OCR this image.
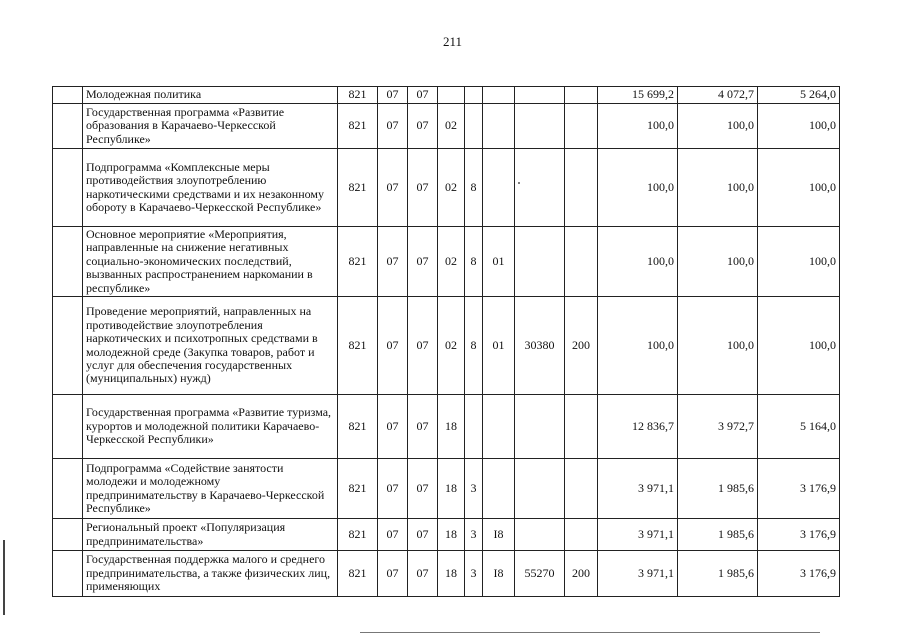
211
	Молодежная политика	821	07	07						15 699,2	4 072,7	5 264,0
	Государственная программа «Развитие образования в Карачаево-Черкесской Республике»	821	07	07	02					100,0	100,0	100,0
	Подпрограмма «Комплексные меры противодействия злоупотреблению наркотическими средствами и их незаконному обороту в Карачаево-Черкесской Республике»	821	07	07	02	8				100,0	100,0	100,0
	Основное мероприятие «Мероприятия, направленные на снижение негативных социально-экономических последствий, вызванных распространением наркомании в республике»	821	07	07	02	8	01			100,0	100,0	100,0
	Проведение мероприятий, направленных на противодействие злоупотребления наркотических и психотропных средствами в молодежной среде (Закупка товаров, работ и услуг для обеспечения государственных (муниципальных) нужд)	821	07	07	02	8	01	30380	200	100,0	100,0	100,0
	Государственная программа «Развитие туризма, курортов и молодежной политики Карачаево-Черкесской Республики»	821	07	07	18					12 836,7	3 972,7	5 164,0
	Подпрограмма «Содействие занятости молодежи и молодежному предпринимательству в Карачаево-Черкесской Республике»	821	07	07	18	3				3 971,1	1 985,6	3 176,9
	Региональный проект «Популяризация предпринимательства»	821	07	07	18	3	I8			3 971,1	1 985,6	3 176,9
	Государственная поддержка малого и среднего предпринимательства, а также физических лиц, применяющих	821	07	07	18	3	I8	55270	200	3 971,1	1 985,6	3 176,9
